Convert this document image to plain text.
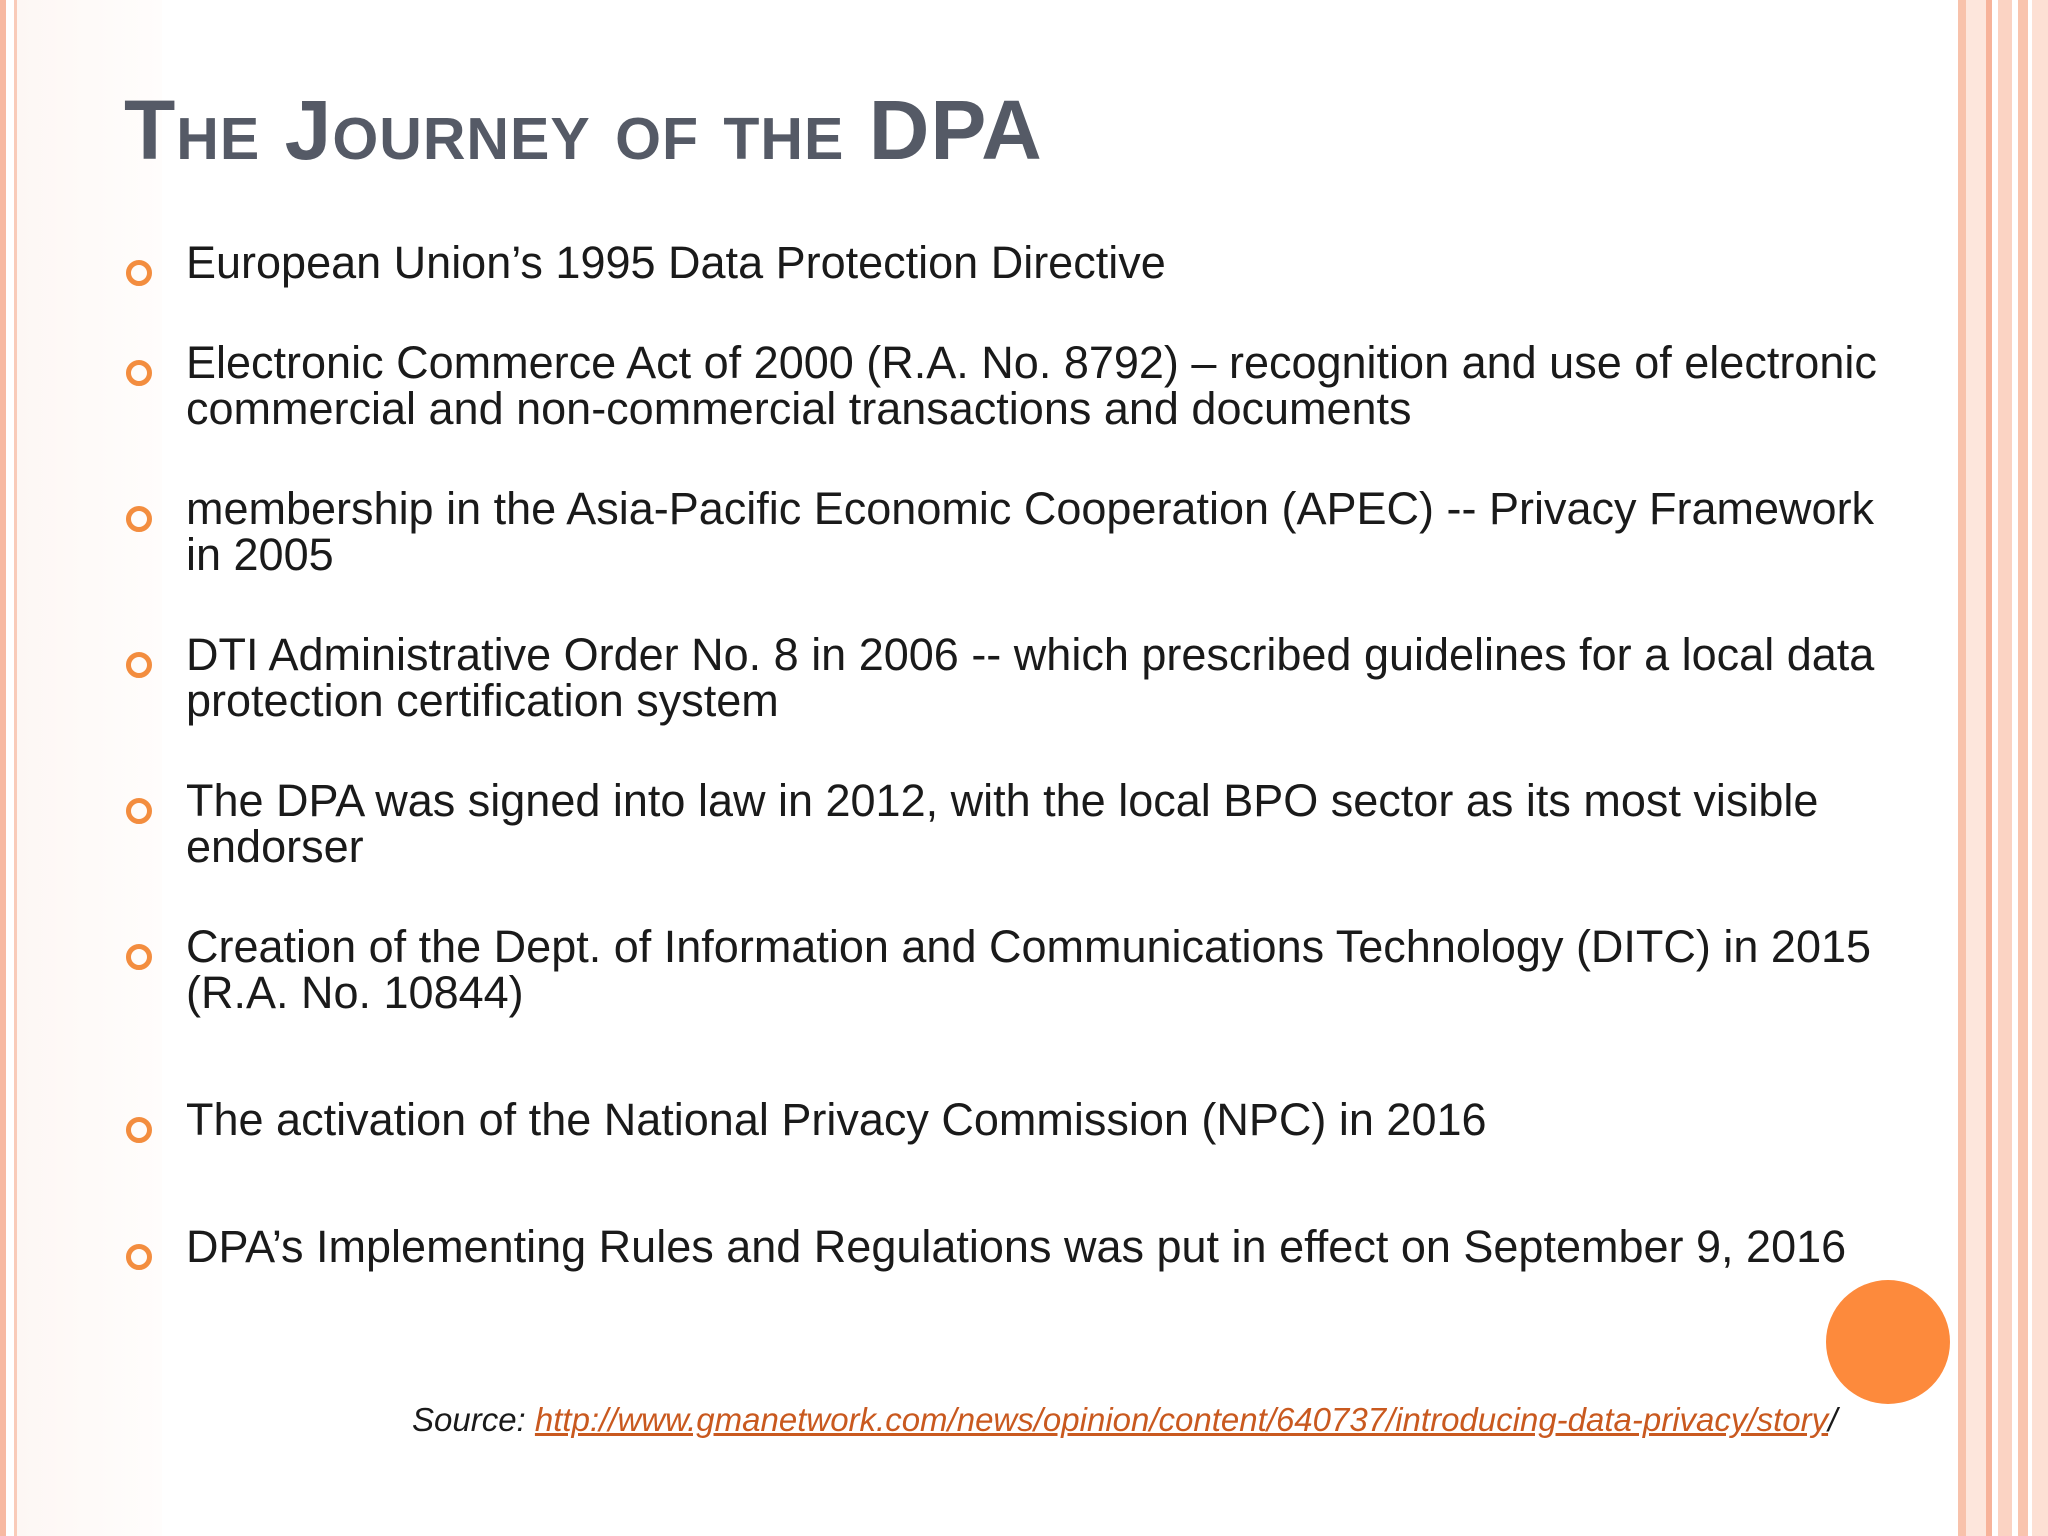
The Journey of the DPA
European Union’s 1995 Data Protection Directive
Electronic Commerce Act of 2000 (R.A. No. 8792) – recognition and use of electronic commercial and non-commercial transactions and documents
membership in the Asia-Pacific Economic Cooperation (APEC) -- Privacy Framework in 2005
DTI Administrative Order No. 8 in 2006 -- which prescribed guidelines for a local data protection certification system
The DPA was signed into law in 2012, with the local BPO sector as its most visible endorser
Creation of the Dept. of Information and Communications Technology (DITC) in 2015 (R.A. No. 10844)
The activation of the National Privacy Commission (NPC) in 2016
DPA’s Implementing Rules and Regulations was put in effect on September 9, 2016
Source: http://www.gmanetwork.com/news/opinion/content/640737/introducing-data-privacy/story/
